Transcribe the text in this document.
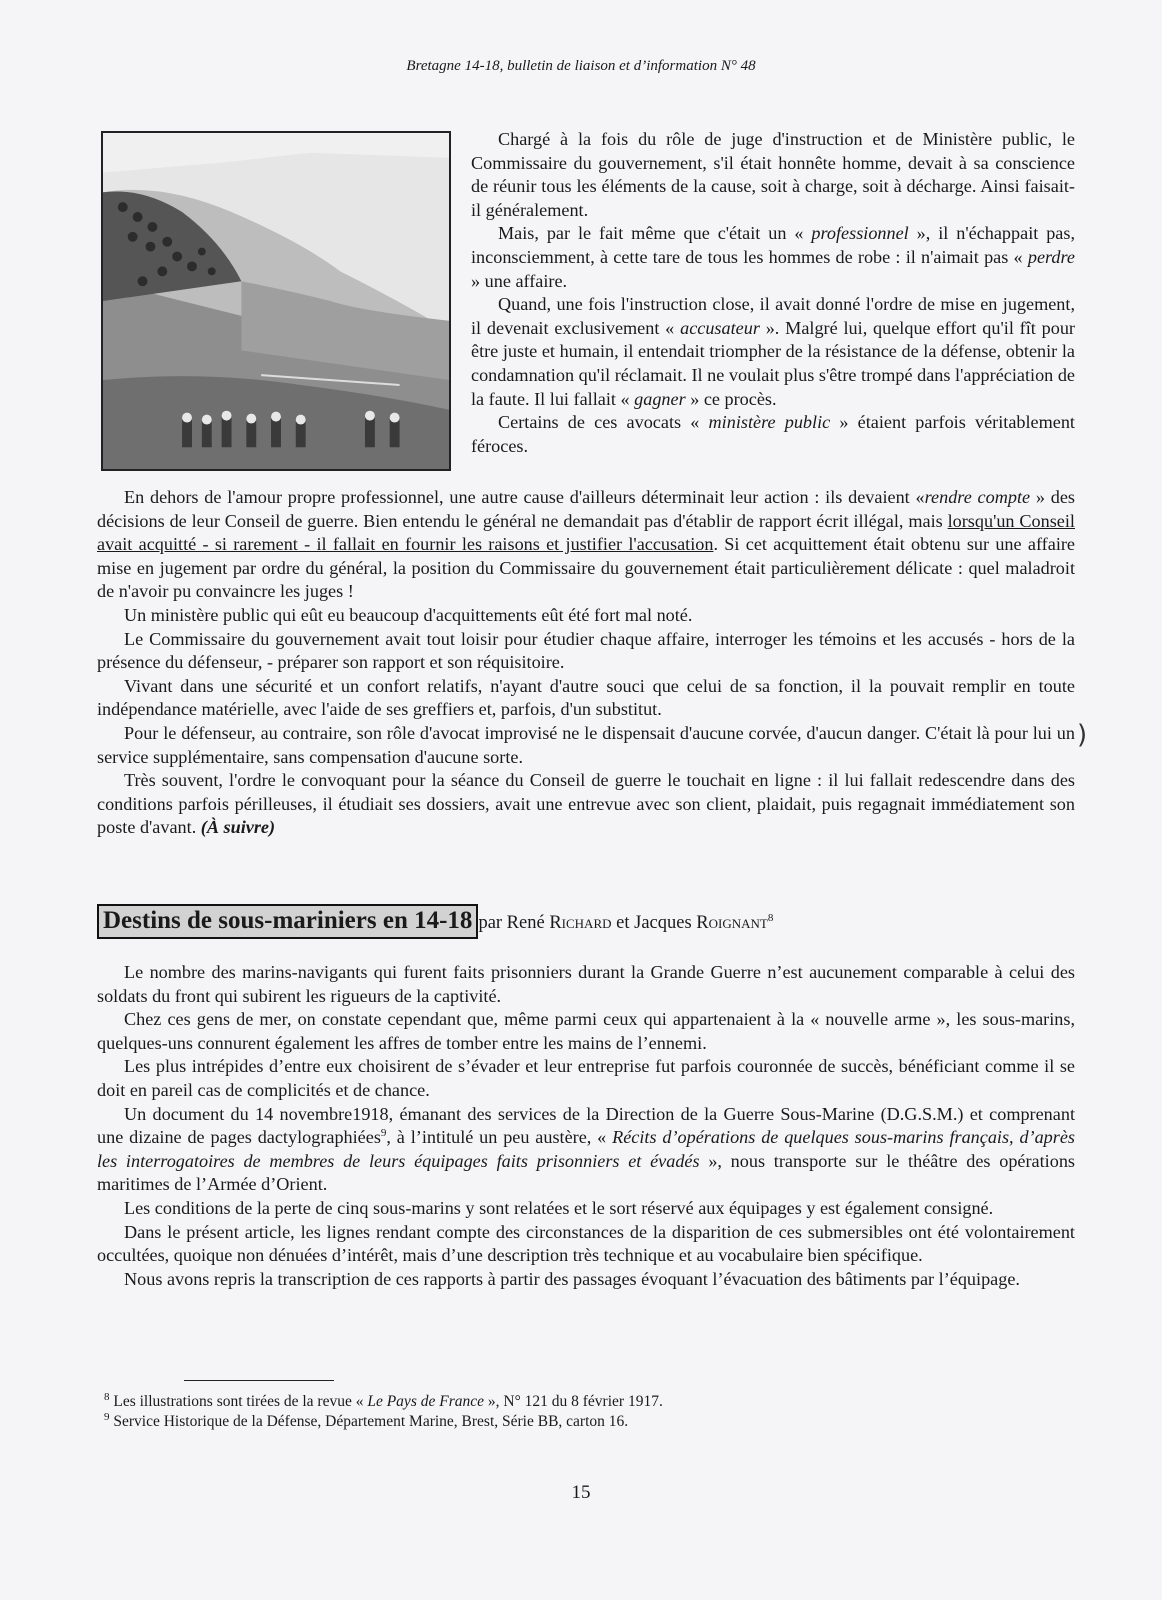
Bretagne 14-18, bulletin de liaison et d’information N° 48

Chargé à la fois du rôle de juge d'instruction et de Ministère public, le Commissaire du gouvernement, s'il était honnête homme, devait à sa conscience de réunir tous les éléments de la cause, soit à charge, soit à décharge. Ainsi faisait-il généralement.

Mais, par le fait même que c'était un « professionnel », il n'échappait pas, inconsciemment, à cette tare de tous les hommes de robe : il n'aimait pas « perdre » une affaire.

Quand, une fois l'instruction close, il avait donné l'ordre de mise en jugement, il devenait exclusivement « accusateur ». Malgré lui, quelque effort qu'il fît pour être juste et humain, il entendait triompher de la résistance de la défense, obtenir la condamnation qu'il réclamait. Il ne voulait plus s'être trompé dans l'appréciation de la faute. Il lui fallait « gagner » ce procès.

Certains de ces avocats « ministère public » étaient parfois véritablement féroces.

En dehors de l'amour propre professionnel, une autre cause d'ailleurs déterminait leur action : ils devaient «rendre compte » des décisions de leur Conseil de guerre. Bien entendu le général ne demandait pas d'établir de rapport écrit illégal, mais lorsqu'un Conseil avait acquitté - si rarement - il fallait en fournir les raisons et justifier l'accusation. Si cet acquittement était obtenu sur une affaire mise en jugement par ordre du général, la position du Commissaire du gouvernement était particulièrement délicate : quel maladroit de n'avoir pu convaincre les juges !

Un ministère public qui eût eu beaucoup d'acquittements eût été fort mal noté.

Le Commissaire du gouvernement avait tout loisir pour étudier chaque affaire, interroger les témoins et les accusés - hors de la présence du défenseur, - préparer son rapport et son réquisitoire.

Vivant dans une sécurité et un confort relatifs, n'ayant d'autre souci que celui de sa fonction, il la pouvait remplir en toute indépendance matérielle, avec l'aide de ses greffiers et, parfois, d'un substitut.

Pour le défenseur, au contraire, son rôle d'avocat improvisé ne le dispensait d'aucune corvée, d'aucun danger. C'était là pour lui un service supplémentaire, sans compensation d'aucune sorte.

Très souvent, l'ordre le convoquant pour la séance du Conseil de guerre le touchait en ligne : il lui fallait redescendre dans des conditions parfois périlleuses, il étudiait ses dossiers, avait une entrevue avec son client, plaidait, puis regagnait immédiatement son poste d'avant. (À suivre)

)
Destins de sous-mariniers en 14-18 par René Richard et Jacques Roignant$^8$

Le nombre des marins-navigants qui furent faits prisonniers durant la Grande Guerre n’est aucunement comparable à celui des soldats du front qui subirent les rigueurs de la captivité.

Chez ces gens de mer, on constate cependant que, même parmi ceux qui appartenaient à la « nouvelle arme », les sous-marins, quelques-uns connurent également les affres de tomber entre les mains de l’ennemi.

Les plus intrépides d’entre eux choisirent de s’évader et leur entreprise fut parfois couronnée de succès, bénéficiant comme il se doit en pareil cas de complicités et de chance.

Un document du 14 novembre1918, émanant des services de la Direction de la Guerre Sous-Marine (D.G.S.M.) et comprenant une dizaine de pages dactylographiées$^9$, à l’intitulé un peu austère, « Récits d’opérations de quelques sous-marins français, d’après les interrogatoires de membres de leurs équipages faits prisonniers et évadés », nous transporte sur le théâtre des opérations maritimes de l’Armée d’Orient.

Les conditions de la perte de cinq sous-marins y sont relatées et le sort réservé aux équipages y est également consigné.

Dans le présent article, les lignes rendant compte des circonstances de la disparition de ces submersibles ont été volontairement occultées, quoique non dénuées d’intérêt, mais d’une description très technique et au vocabulaire bien spécifique.

Nous avons repris la transcription de ces rapports à partir des passages évoquant l’évacuation des bâtiments par l’équipage.

$^8$ Les illustrations sont tirées de la revue « Le Pays de France », N° 121 du 8 février 1917.
$^9$ Service Historique de la Défense, Département Marine, Brest, Série BB, carton 16.
15
